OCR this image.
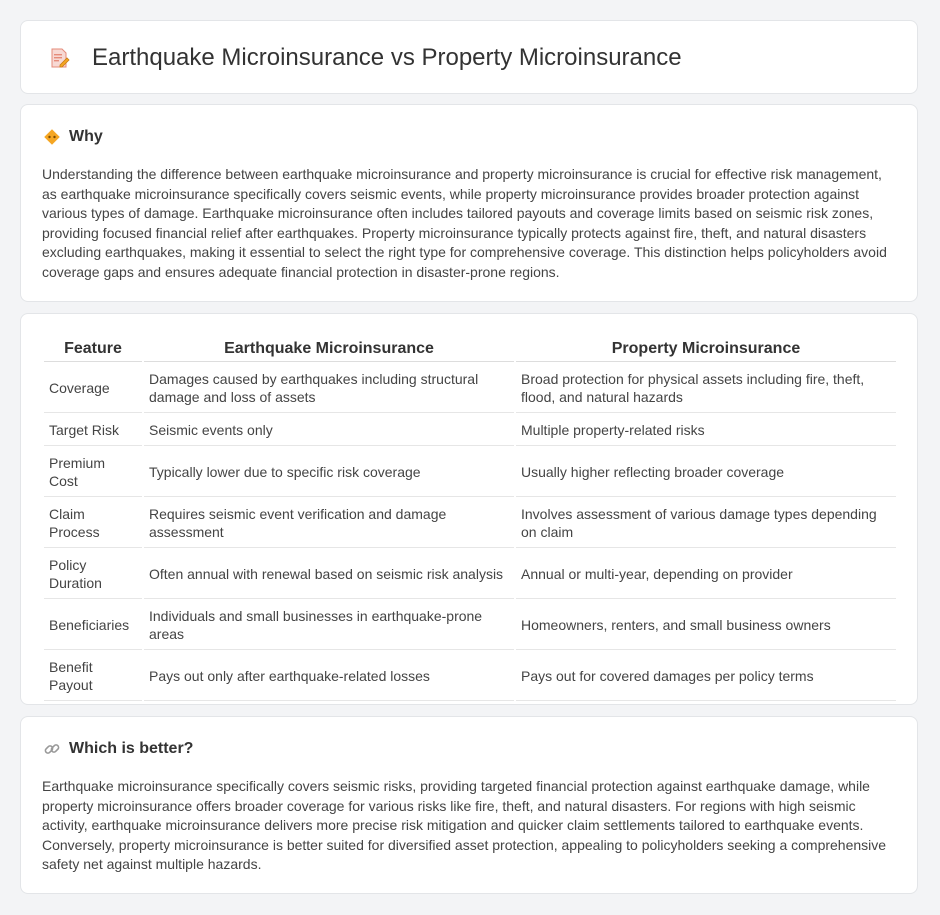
Earthquake Microinsurance vs Property Microinsurance
Why

Understanding the difference between earthquake microinsurance and property microinsurance is crucial for effective risk management, as earthquake microinsurance specifically covers seismic events, while property microinsurance provides broader protection against various types of damage. Earthquake microinsurance often includes tailored payouts and coverage limits based on seismic risk zones, providing focused financial relief after earthquakes. Property microinsurance typically protects against fire, theft, and natural disasters excluding earthquakes, making it essential to select the right type for comprehensive coverage. This distinction helps policyholders avoid coverage gaps and ensures adequate financial protection in disaster-prone regions.

Feature	Earthquake Microinsurance	Property Microinsurance
Coverage	Damages caused by earthquakes including structural damage and loss of assets	Broad protection for physical assets including fire, theft, flood, and natural hazards
Target Risk	Seismic events only	Multiple property-related risks
Premium Cost	Typically lower due to specific risk coverage	Usually higher reflecting broader coverage
Claim Process	Requires seismic event verification and damage assessment	Involves assessment of various damage types depending on claim
Policy Duration	Often annual with renewal based on seismic risk analysis	Annual or multi-year, depending on provider
Beneficiaries	Individuals and small businesses in earthquake-prone areas	Homeowners, renters, and small business owners
Benefit Payout	Pays out only after earthquake-related losses	Pays out for covered damages per policy terms
Which is better?

Earthquake microinsurance specifically covers seismic risks, providing targeted financial protection against earthquake damage, while property microinsurance offers broader coverage for various risks like fire, theft, and natural disasters. For regions with high seismic activity, earthquake microinsurance delivers more precise risk mitigation and quicker claim settlements tailored to earthquake events. Conversely, property microinsurance is better suited for diversified asset protection, appealing to policyholders seeking a comprehensive safety net against multiple hazards.
